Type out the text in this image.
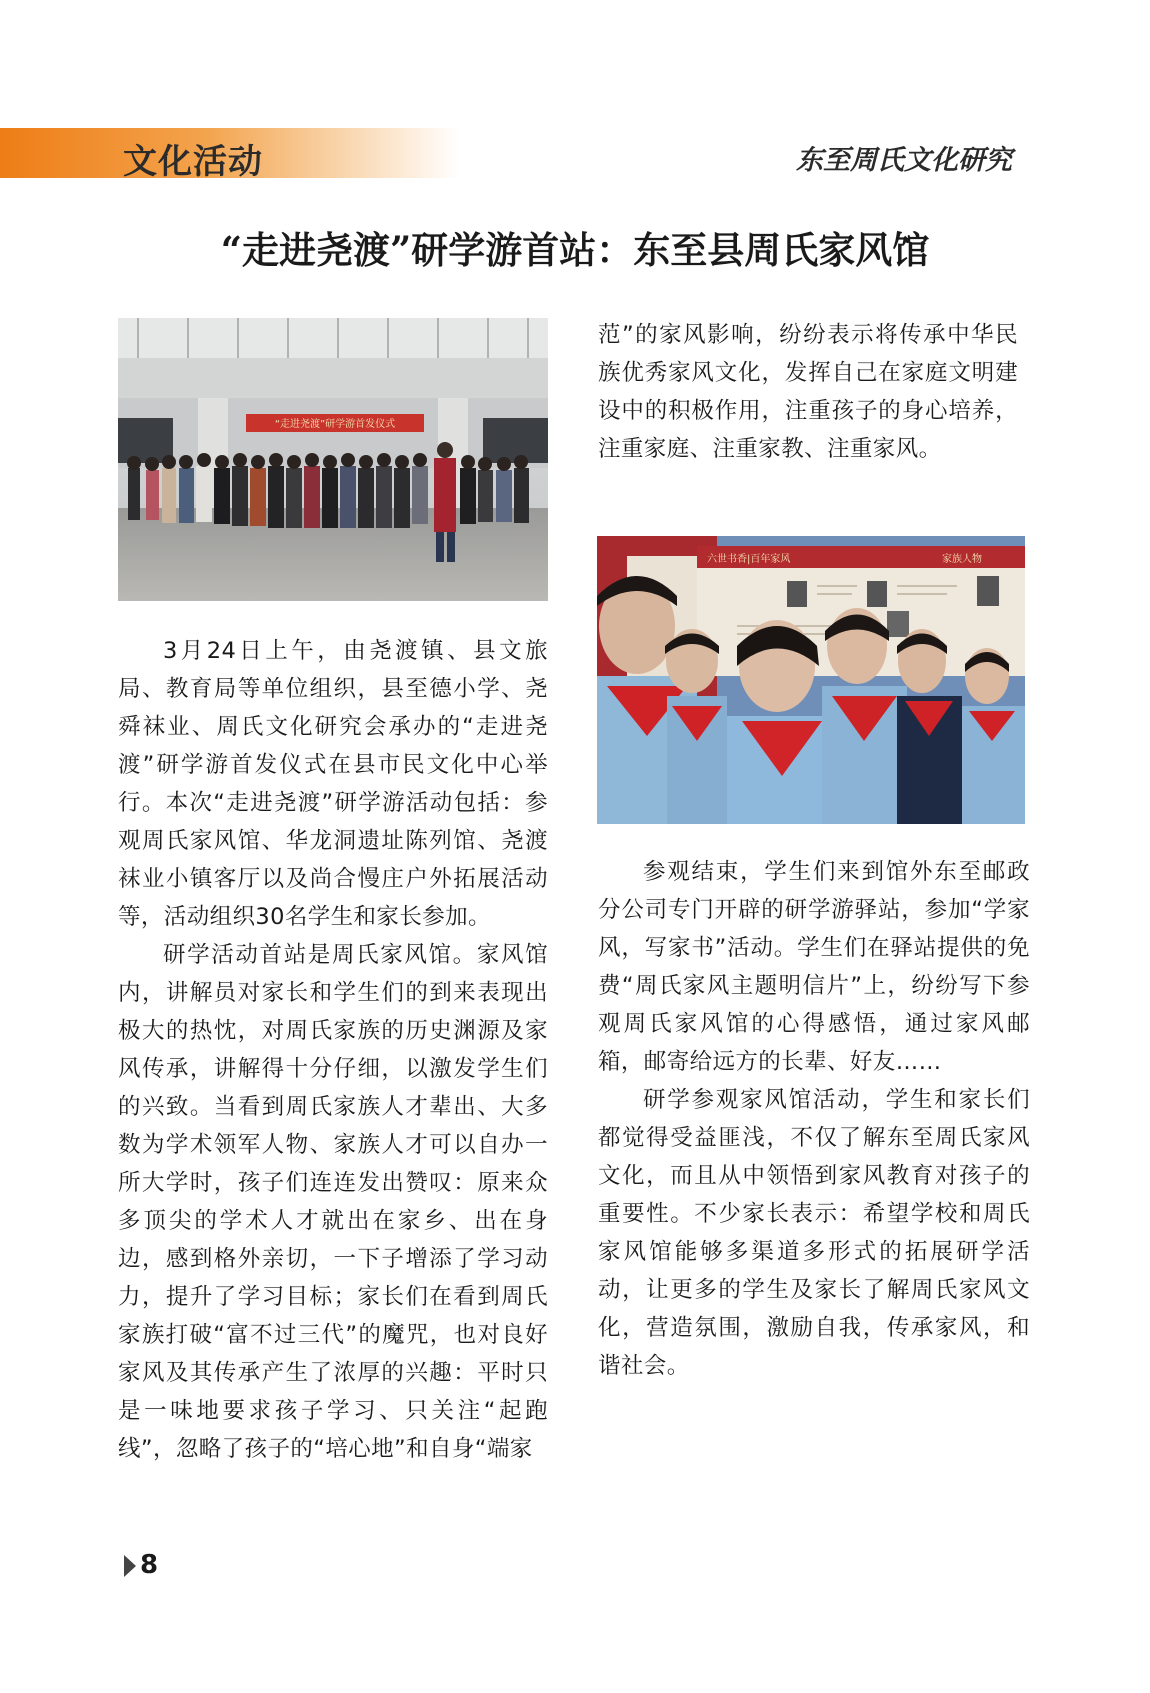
文化活动	东至周氏文化研究
“走进尧渡”研学游首站：东至县周氏家风馆
“走进尧渡”研学游首发仪式
六世书香|百年家风	家族人物

3月24日上午，由尧渡镇、县文旅局、教育局等单位组织，县至德小学、尧舜袜业、周氏文化研究会承办的“走进尧渡”研学游首发仪式在县市民文化中心举行。本次“走进尧渡”研学游活动包括：参观周氏家风馆、华龙洞遗址陈列馆、尧渡袜业小镇客厅以及尚合慢庄户外拓展活动等，活动组织30名学生和家长参加。

研学活动首站是周氏家风馆。家风馆内，讲解员对家长和学生们的到来表现出极大的热忱，对周氏家族的历史渊源及家风传承，讲解得十分仔细，以激发学生们的兴致。当看到周氏家族人才辈出、大多数为学术领军人物、家族人才可以自办一所大学时，孩子们连连发出赞叹：原来众多顶尖的学术人才就出在家乡、出在身边，感到格外亲切，一下子增添了学习动力，提升了学习目标；家长们在看到周氏家族打破“富不过三代”的魔咒，也对良好家风及其传承产生了浓厚的兴趣：平时只是一味地要求孩子学习、只关注“起跑线”，忽略了孩子的“培心地”和自身“端家

范”的家风影响，纷纷表示将传承中华民族优秀家风文化，发挥自己在家庭文明建设中的积极作用，注重孩子的身心培养，注重家庭、注重家教、注重家风。

参观结束，学生们来到馆外东至邮政分公司专门开辟的研学游驿站，参加“学家风，写家书”活动。学生们在驿站提供的免费“周氏家风主题明信片”上，纷纷写下参观周氏家风馆的心得感悟，通过家风邮箱，邮寄给远方的长辈、好友……

研学参观家风馆活动，学生和家长们都觉得受益匪浅，不仅了解东至周氏家风文化，而且从中领悟到家风教育对孩子的重要性。不少家长表示：希望学校和周氏家风馆能够多渠道多形式的拓展研学活动，让更多的学生及家长了解周氏家风文化，营造氛围，激励自我，传承家风，和谐社会。

8
